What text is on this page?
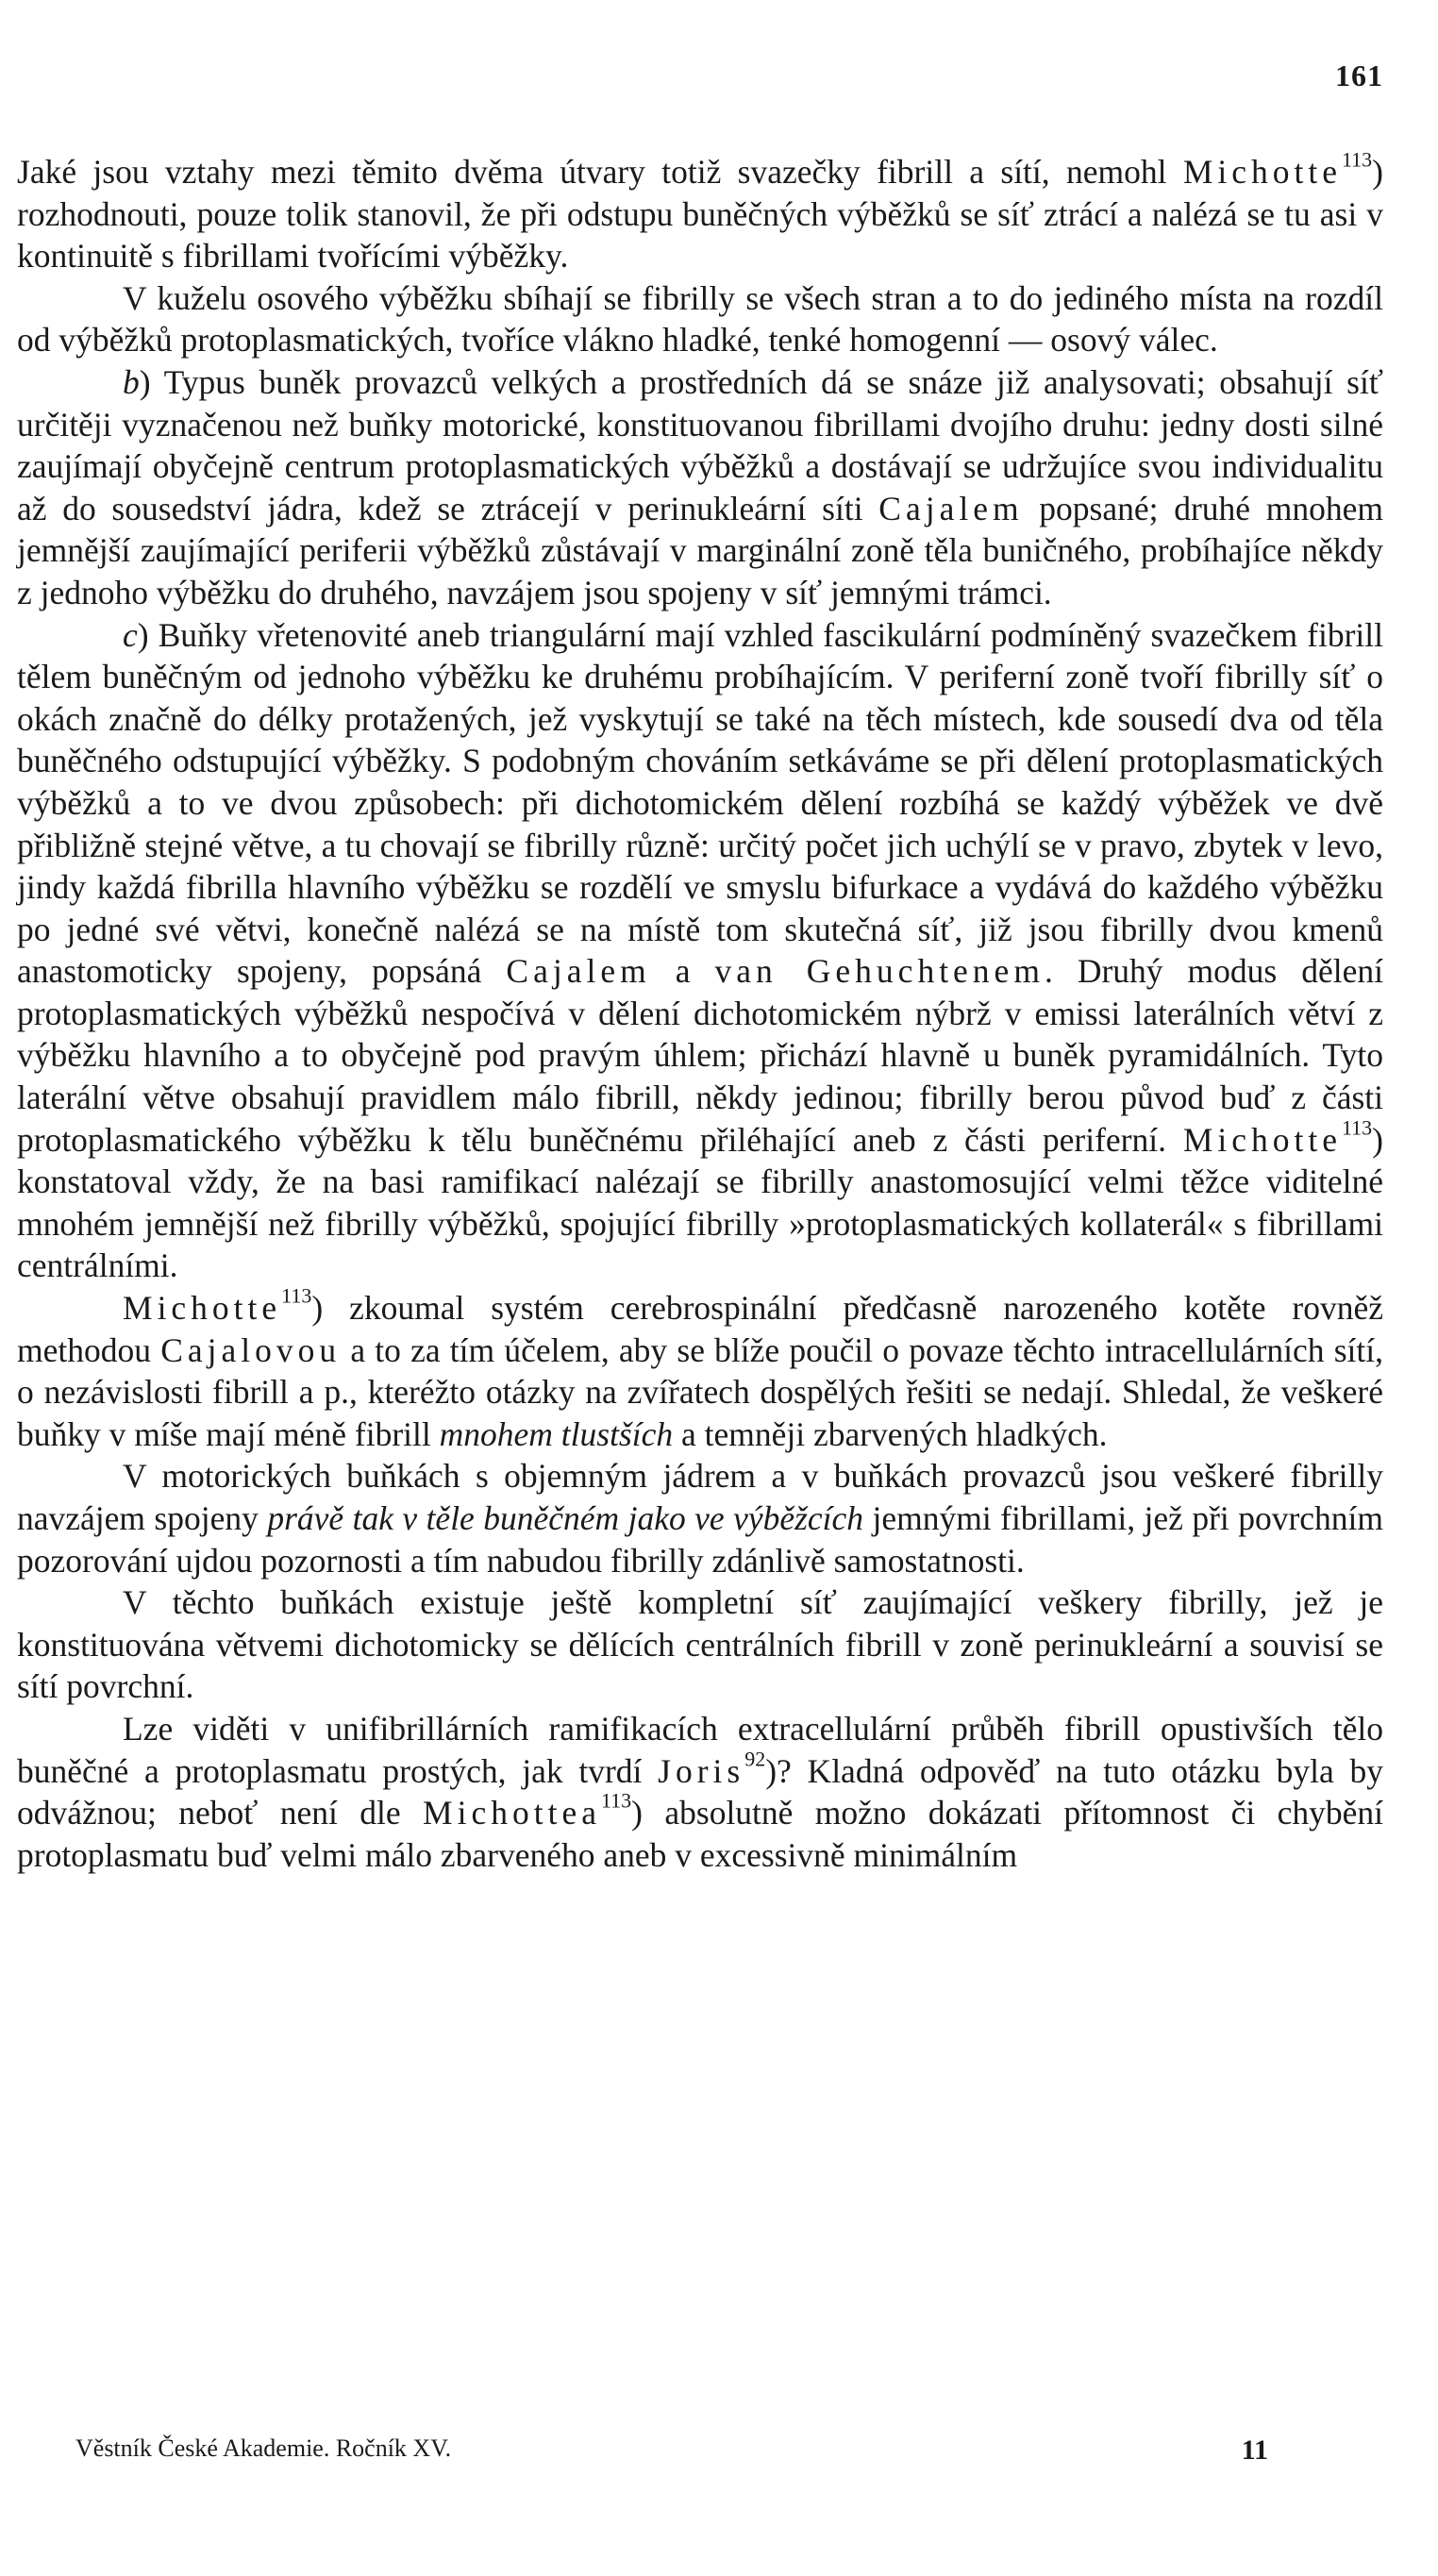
161

Jaké jsou vztahy mezi těmito dvěma útvary totiž svazečky fibrill a sítí, nemohl Michotte$^{113}$) rozhodnouti, pouze tolik stanovil, že při odstupu buněčných výběžků se síť ztrácí a nalézá se tu asi v kontinuitě s fibrillami tvořícími výběžky.

V kuželu osového výběžku sbíhají se fibrilly se všech stran a to do jediného místa na rozdíl od výběžků protoplasmatických, tvoříce vlákno hladké, tenké homogenní — osový válec.

b) Typus buněk provazců velkých a prostředních dá se snáze již analysovati; obsahují síť určitěji vyznačenou než buňky motorické, konstituovanou fibrillami dvojího druhu: jedny dosti silné zaujímají obyčejně centrum protoplasmatických výběžků a dostávají se udržujíce svou individualitu až do sousedství jádra, kdež se ztrácejí v perinukleární síti Cajalem popsané; druhé mnohem jemnější zaujímající periferii výběžků zůstávají v marginální zoně těla buničného, probíhajíce někdy z jednoho výběžku do druhého, navzájem jsou spojeny v síť jemnými trámci.

c) Buňky vřetenovité aneb triangulární mají vzhled fascikulární podmíněný svazečkem fibrill tělem buněčným od jednoho výběžku ke druhému probíhajícím. V periferní zoně tvoří fibrilly síť o okách značně do délky protažených, jež vyskytují se také na těch místech, kde sousedí dva od těla buněčného odstupující výběžky. S podobným chováním setkáváme se při dělení protoplasmatických výběžků a to ve dvou způsobech: při dichotomickém dělení rozbíhá se každý výběžek ve dvě přibližně stejné větve, a tu chovají se fibrilly různě: určitý počet jich uchýlí se v pravo, zbytek v levo, jindy každá fibrilla hlavního výběžku se rozdělí ve smyslu bifurkace a vydává do každého výběžku po jedné své větvi, konečně nalézá se na místě tom skutečná síť, již jsou fibrilly dvou kmenů anastomoticky spojeny, popsáná Cajalem a van Gehuchtenem. Druhý modus dělení protoplasmatických výběžků nespočívá v dělení dichotomickém nýbrž v emissi laterálních větví z výběžku hlavního a to obyčejně pod pravým úhlem; přichází hlavně u buněk pyramidálních. Tyto laterální větve obsahují pravidlem málo fibrill, někdy jedinou; fibrilly berou původ buď z části protoplasmatického výběžku k tělu buněčnému přiléhající aneb z části periferní. Michotte$^{113}$) konstatoval vždy, že na basi ramifikací nalézají se fibrilly anastomosující velmi těžce viditelné mnohém jemnější než fibrilly výběžků, spojující fibrilly »protoplasmatických kollaterál« s fibrillami centrálními.

Michotte$^{113}$) zkoumal systém cerebrospinální předčasně narozeného kotěte rovněž methodou Cajalovou a to za tím účelem, aby se blíže poučil o povaze těchto intracellulárních sítí, o nezávislosti fibrill a p., kteréžto otázky na zvířatech dospělých řešiti se nedají. Shledal, že veškeré buňky v míše mají méně fibrill mnohem tlustších a temněji zbarvených hladkých.

V motorických buňkách s objemným jádrem a v buňkách provazců jsou veškeré fibrilly navzájem spojeny právě tak v těle buněčném jako ve výběžcích jemnými fibrillami, jež při povrchním pozorování ujdou pozornosti a tím nabudou fibrilly zdánlivě samostatnosti.

V těchto buňkách existuje ještě kompletní síť zaujímající veškery fibrilly, jež je konstituována větvemi dichotomicky se dělících centrálních fibrill v zoně perinukleární a souvisí se sítí povrchní.

Lze viděti v unifibrillárních ramifikacích extracellulární průběh fibrill opustivších tělo buněčné a protoplasmatu prostých, jak tvrdí Joris$^{92}$)? Kladná odpověď na tuto otázku byla by odvážnou; neboť není dle Michottea$^{113}$) absolutně možno dokázati přítomnost či chybění protoplasmatu buď velmi málo zbarveného aneb v excessivně minimálním

Věstník České Akademie. Ročník XV.	11
